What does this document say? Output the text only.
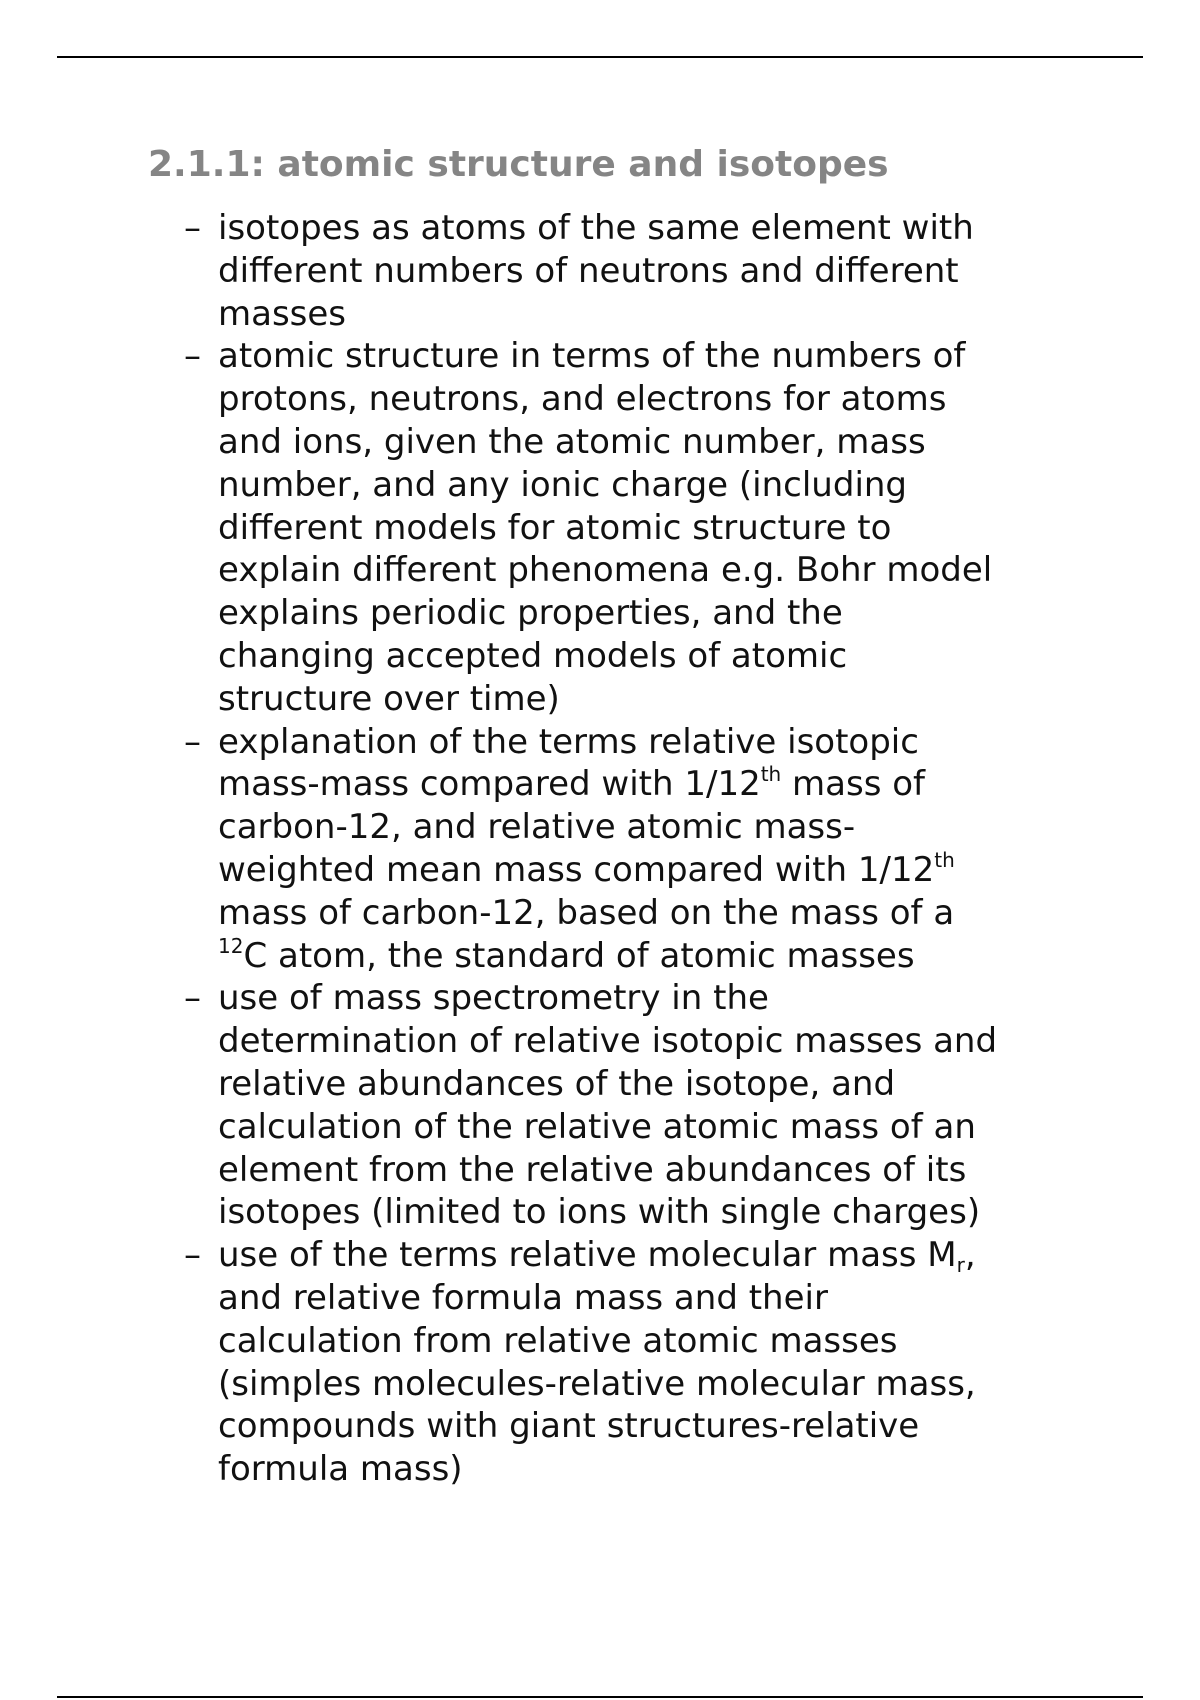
2.1.1: atomic structure and isotopes
– isotopes as atoms of the same element with
different numbers of neutrons and different
masses
– atomic structure in terms of the numbers of
protons, neutrons, and electrons for atoms
and ions, given the atomic number, mass
number, and any ionic charge (including
different models for atomic structure to
explain different phenomena e.g. Bohr model
explains periodic properties, and the
changing accepted models of atomic
structure over time)
– explanation of the terms relative isotopic
mass-mass compared with 1/12th mass of
carbon-12, and relative atomic mass-
weighted mean mass compared with 1/12th
mass of carbon-12, based on the mass of a
$^{12}$C atom, the standard of atomic masses
– use of mass spectrometry in the
determination of relative isotopic masses and
relative abundances of the isotope, and
calculation of the relative atomic mass of an
element from the relative abundances of its
isotopes (limited to ions with single charges)
– use of the terms relative molecular mass $M_r$,
and relative formula mass and their
calculation from relative atomic masses
(simples molecules-relative molecular mass,
compounds with giant structures-relative
formula mass)
